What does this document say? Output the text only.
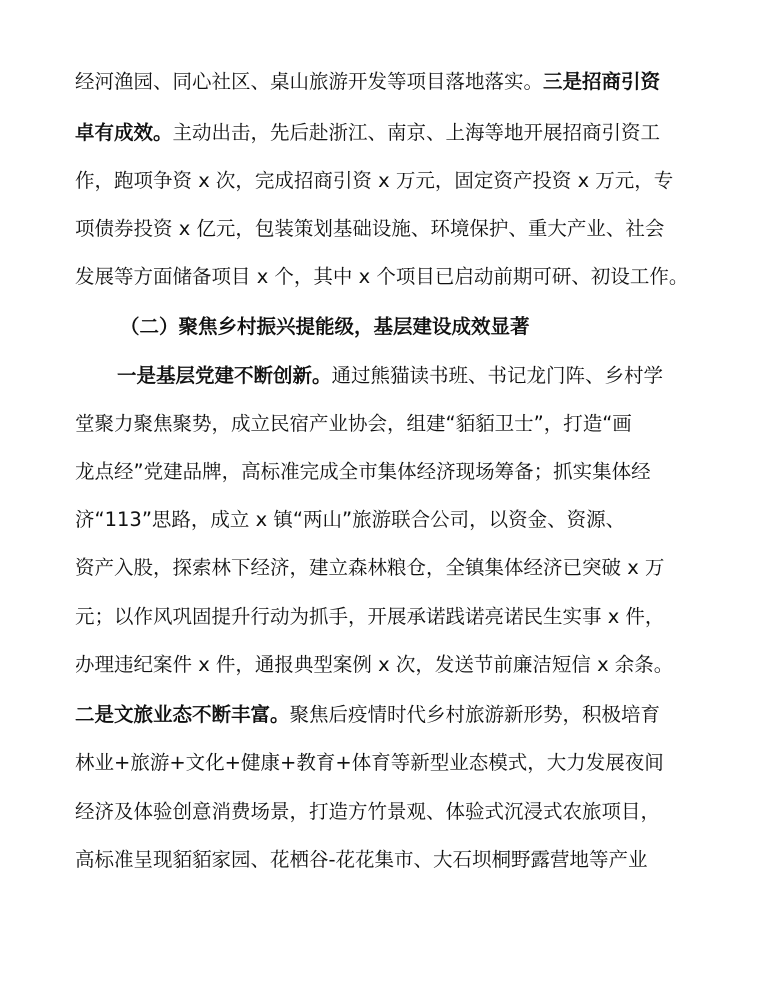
经河渔园、同心社区、桌山旅游开发等项目落地落实。三是招商引资
卓有成效。主动出击，先后赴浙江、南京、上海等地开展招商引资工
作，跑项争资 x 次，完成招商引资 x 万元，固定资产投资 x 万元，专
项债券投资 x 亿元，包装策划基础设施、环境保护、重大产业、社会
发展等方面储备项目 x 个，其中 x 个项目已启动前期可研、初设工作。
（二）聚焦乡村振兴提能级，基层建设成效显著
一是基层党建不断创新。通过熊猫读书班、书记龙门阵、乡村学
堂聚力聚焦聚势，成立民宿产业协会，组建“貊貊卫士”，打造“画
龙点经”党建品牌，高标准完成全市集体经济现场筹备；抓实集体经
济“113”思路，成立 x 镇“两山”旅游联合公司，以资金、资源、
资产入股，探索林下经济，建立森林粮仓，全镇集体经济已突破 x 万
元；以作风巩固提升行动为抓手，开展承诺践诺亮诺民生实事 x 件，
办理违纪案件 x 件，通报典型案例 x 次，发送节前廉洁短信 x 余条。
二是文旅业态不断丰富。聚焦后疫情时代乡村旅游新形势，积极培育
林业+旅游+文化+健康+教育+体育等新型业态模式，大力发展夜间
经济及体验创意消费场景，打造方竹景观、体验式沉浸式农旅项目，
高标准呈现貊貊家园、花栖谷-花花集市、大石坝桐野露营地等产业
